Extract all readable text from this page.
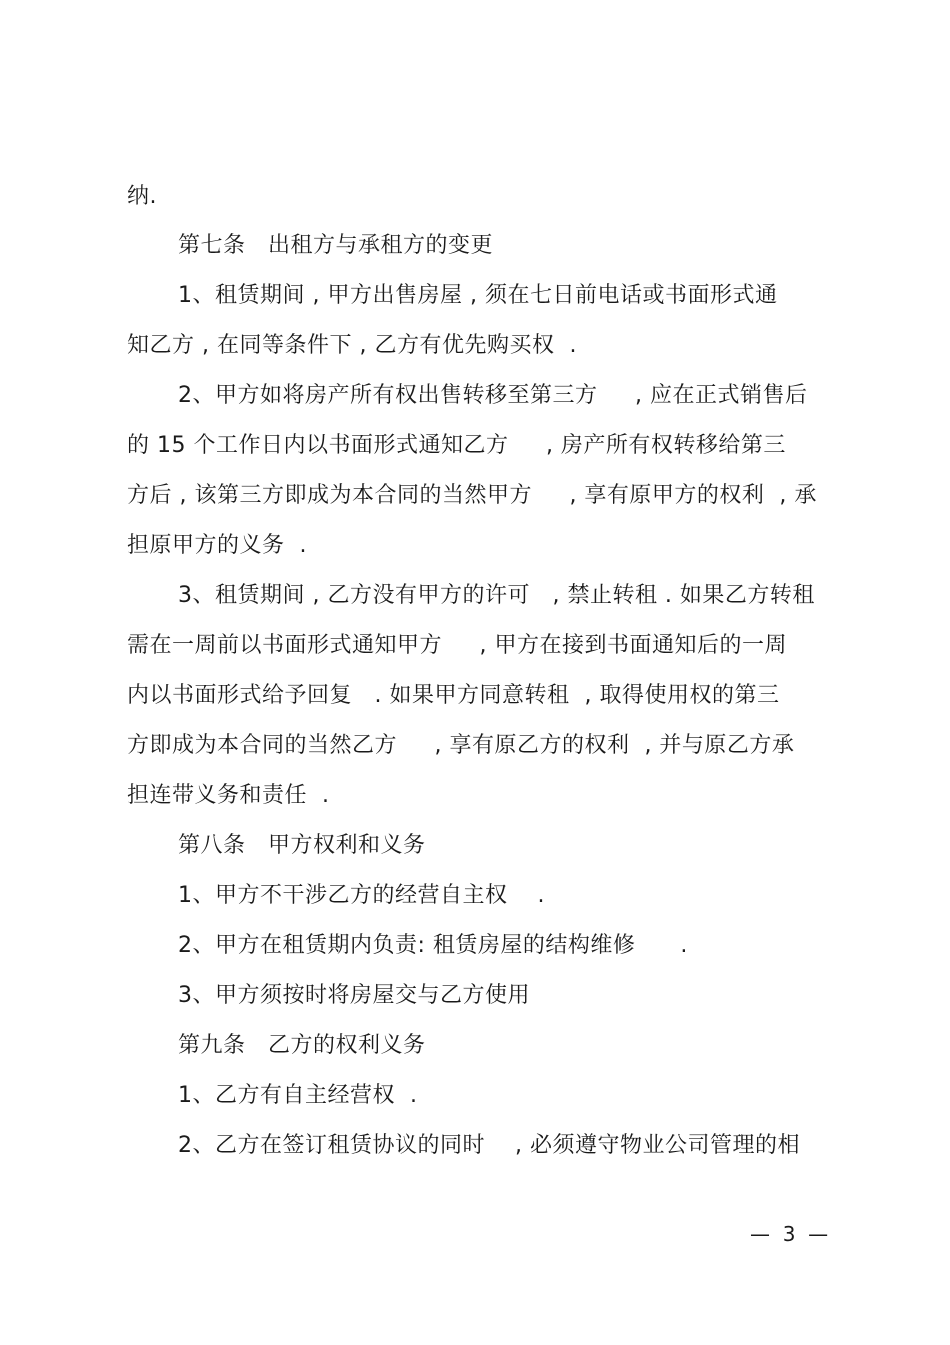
纳.
第七条   出租方与承租方的变更
1、租赁期间 , 甲方出售房屋 , 须在七日前电话或书面形式通
知乙方 , 在同等条件下 , 乙方有优先购买权  .
2、甲方如将房产所有权出售转移至第三方     , 应在正式销售后
的 15 个工作日内以书面形式通知乙方     , 房产所有权转移给第三
方后 , 该第三方即成为本合同的当然甲方     , 享有原甲方的权利  , 承
担原甲方的义务  .
3、租赁期间 , 乙方没有甲方的许可   , 禁止转租 . 如果乙方转租
需在一周前以书面形式通知甲方     , 甲方在接到书面通知后的一周
内以书面形式给予回复   . 如果甲方同意转租  , 取得使用权的第三
方即成为本合同的当然乙方     , 享有原乙方的权利  , 并与原乙方承
担连带义务和责任  .
第八条   甲方权利和义务
1、甲方不干涉乙方的经营自主权    .
2、甲方在租赁期内负责: 租赁房屋的结构维修      .
3、甲方须按时将房屋交与乙方使用
第九条   乙方的权利义务
1、乙方有自主经营权  .
2、乙方在签订租赁协议的同时    , 必须遵守物业公司管理的相
—  3  —
